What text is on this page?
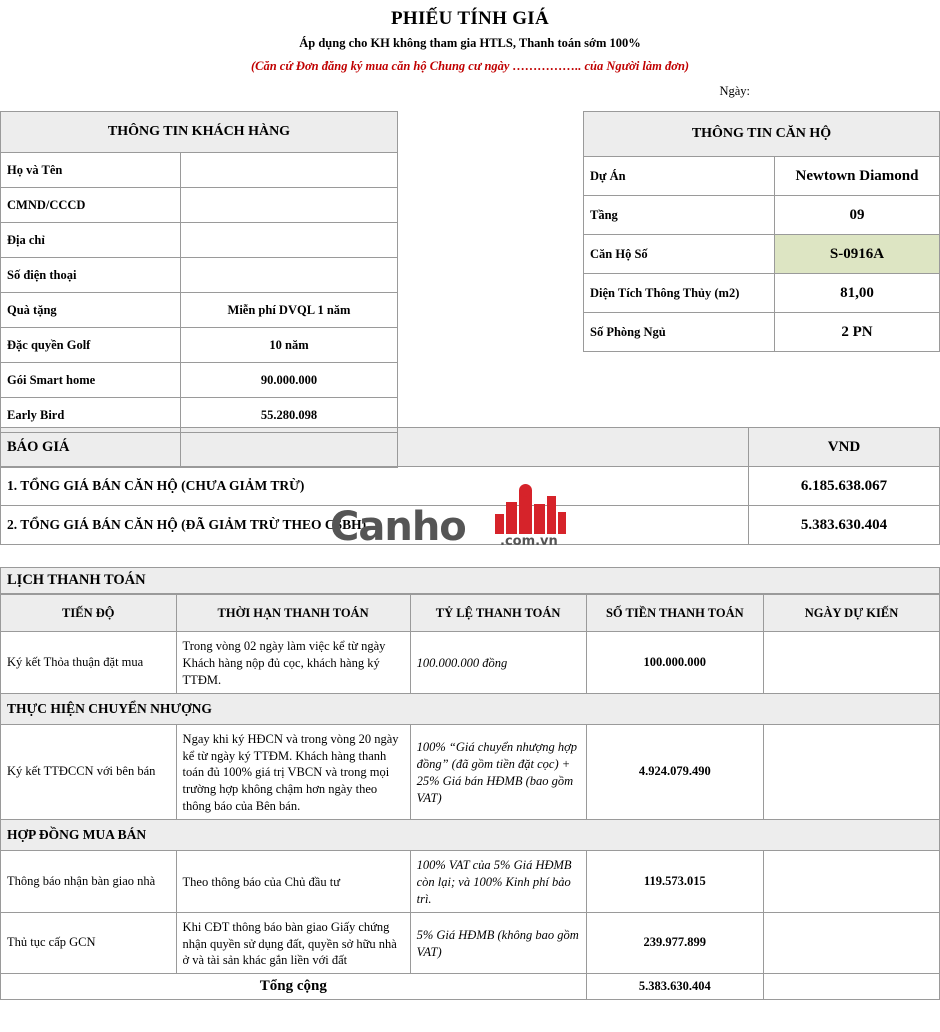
PHIẾU TÍNH GIÁ
Áp dụng cho KH không tham gia HTLS, Thanh toán sớm 100%
(Căn cứ Đơn đăng ký mua căn hộ Chung cư ngày …………….. của Người làm đơn)
Ngày:
THÔNG TIN KHÁCH HÀNG	
Họ và Tên	
CMND/CCCD	
Địa chỉ	
Số điện thoại	
Quà tặng	Miễn phí DVQL 1 năm
Đặc quyền Golf	10 năm
Gói Smart home	90.000.000
Early Bird	55.280.098

THÔNG TIN CĂN HỘ	
Dự Án	Newtown Diamond
Tầng	09
Căn Hộ Số	S-0916A
Diện Tích Thông Thủy (m2)	81,00
Số Phòng Ngủ	2 PN
BÁO GIÁ	VND
1. TỔNG GIÁ BÁN CĂN HỘ (CHƯA GIẢM TRỪ)	6.185.638.067
2. TỔNG GIÁ BÁN CĂN HỘ (ĐÃ GIẢM TRỪ THEO CSBH)	5.383.630.404
LỊCH THANH TOÁN
TIẾN ĐỘ	THỜI HẠN THANH TOÁN	TỶ LỆ THANH TOÁN	SỐ TIỀN THANH TOÁN	NGÀY DỰ KIẾN
Ký kết Thỏa thuận đặt mua	Trong vòng 02 ngày làm việc kể từ ngày Khách hàng nộp đủ cọc, khách hàng ký TTĐM.	100.000.000 đồng	100.000.000	
THỰC HIỆN CHUYỂN NHƯỢNG				
Ký kết TTĐCCN với bên bán	Ngay khi ký HĐCN và trong vòng 20 ngày kể từ ngày ký TTĐM. Khách hàng thanh toán đủ 100% giá trị VBCN và trong mọi trường hợp không chậm hơn ngày theo thông báo của Bên bán.	100% “Giá chuyển nhượng hợp đồng” (đã gồm tiền đặt cọc) + 25% Giá bán HĐMB (bao gồm VAT)	4.924.079.490	
HỢP ĐỒNG MUA BÁN				
Thông báo nhận bàn giao nhà	Theo thông báo của Chủ đầu tư	100% VAT của 5% Giá HĐMB còn lại; và 100% Kinh phí bảo trì.	119.573.015	
Thủ tục cấp GCN	Khi CĐT thông báo bàn giao Giấy chứng nhận quyền sử dụng đất, quyền sở hữu nhà ở và tài sản khác gắn liền với đất	5% Giá HĐMB (không bao gồm VAT)	239.977.899	
Tổng cộng			5.383.630.404	
Canho	.com.vn
